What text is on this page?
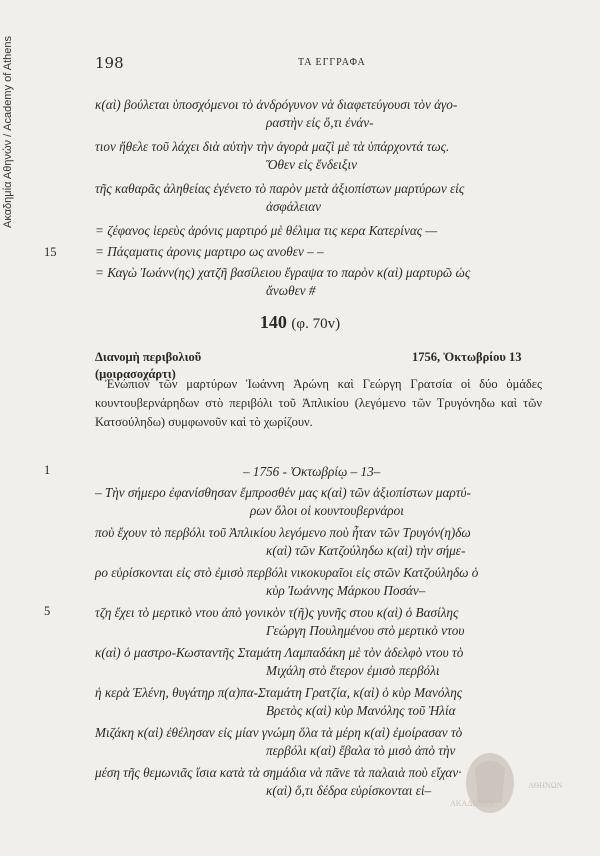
Ακαδημία Αθηνών / Academy of Athens	198	ΤΑ ΕΓΓΡΑΦΑ
κ(αὶ) βούλεται ὑποσχόμενοι τὸ ἀνδρόγυνον νὰ διαφετεύγουσι τὸν ἀγο-
ραστὴν εἰς ὅ,τι ἐνάν-
τιον ἤθελε τοῦ λάχει διὰ αὐτὴν τὴν ἀγορὰ μαζὶ μὲ τὰ ὑπάρχοντά τως.
Ὅθεν εἰς ἔνδειξιν
τῆς καθαρᾶς ἀληθείας ἐγένετο τὸ παρὸν μετὰ ἀξιοπίστων μαρτύρων εἰς
ἀσφάλειαν
= ζέφανος ἱερεὺς ἀρόνις μαρτιρό μὲ θέλιμα τις κερα Κατερίνας —
= Πάςαματις ἀρονις μαρτιρο ως ανοθεν – –
= Καγὼ Ἰωάνν(ης) χατζῆ βασίλειου ἔγραψα το παρὸν κ(αὶ) μαρτυρῶ ὡς
ἄνωθεν #
15
140 (φ. 70v)
Διανομὴ περιβολιοῦ
(μοιρασοχάρτι)
1756, Ὀκτωβρίου 13
Ἐνώπιον τῶν μαρτύρων Ἰωάννη Ἀρώνη καὶ Γεώργη Γρατσία οἱ δύο ὁμάδες κουντουβερνάρηδων στὸ περιβόλι τοῦ Ἀπλικίου (λεγόμενο τῶν Τρυγόνηδω καὶ τῶν Κατσούληδω) συμφωνοῦν καὶ τὸ χωρίζουν.
1	– 1756 - Ὀκτωβρίῳ – 13–
– Τὴν σήμερο ἐφανίσθησαν ἔμπροσθέν μας κ(αὶ) τῶν ἀξιοπίστων μαρτύ-
ρων ὅλοι οἱ κουντουβερνάροι
ποὺ ἔχουν τὸ περβόλι τοῦ Ἀπλικίου λεγόμενο ποὺ ἦταν τῶν Τρυγόν(η)δω
κ(αὶ) τῶν Κατζούληδω κ(αὶ) τὴν σήμε-
ρο εὑρίσκονται εἰς στὸ ἐμισὸ περβόλι νικοκυραῖοι εἰς στῶν Κατζούληδω ὁ
κὺρ Ἰωάννης Μάρκου Ποσάν–
5	τζη ἔχει τὸ μερτικὸ ντου ἀπὸ γονικὸν τ(ῆ)ς γυνῆς στου κ(αὶ) ὁ Βασίλης
Γεώργη Πουλημένου στὸ μερτικὸ ντου
κ(αὶ) ὁ μαστρο-Κωσταντῆς Σταμάτη Λαμπαδάκη μὲ τὸν ἀδελφὸ ντου τὸ
Μιχάλη στὸ ἕτερον ἐμισὸ περβόλι
ἡ κερὰ Ἑλένη, θυγάτηρ π(α)πα-Σταμάτη Γρατζία, κ(αὶ) ὁ κὺρ Μανόλης
Βρετὸς κ(αὶ) κὺρ Μανόλης τοῦ Ἠλία
Μιζάκη κ(αὶ) ἐθέλησαν εἰς μίαν γνώμη ὅλα τὰ μέρη κ(αὶ) ἐμοίρασαν τὸ
περβόλι κ(αὶ) ἔβαλα τὸ μισὸ ἀπὸ τὴν
μέση τῆς θεμωνιᾶς ἴσια κατὰ τὰ σημάδια νὰ πᾶνε τὰ παλαιὰ ποὺ εἴχαν·
κ(αὶ) ὅ,τι δέδρα εὑρίσκονται εἰ–
ΑΚΑΔΗΜΙΑ
ΑΘΗΝΩΝ
